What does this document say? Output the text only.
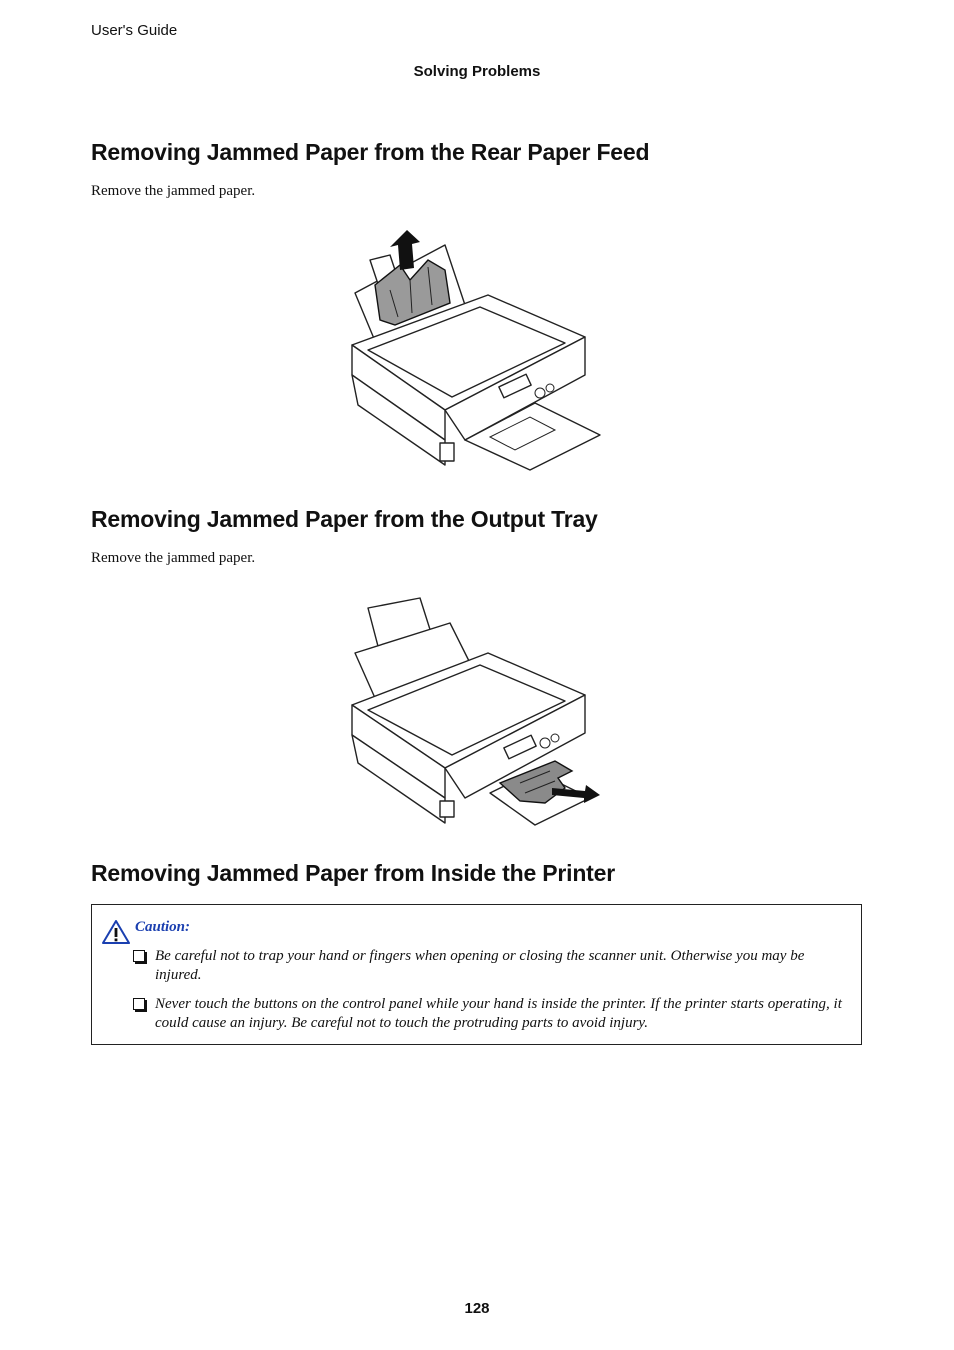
User's Guide
Solving Problems
Removing Jammed Paper from the Rear Paper Feed
Remove the jammed paper.
Removing Jammed Paper from the Output Tray
Remove the jammed paper.
Removing Jammed Paper from Inside the Printer
Caution:
Be careful not to trap your hand or fingers when opening or closing the scanner unit. Otherwise you may be injured.
Never touch the buttons on the control panel while your hand is inside the printer. If the printer starts operating, it could cause an injury. Be careful not to touch the protruding parts to avoid injury.
128
